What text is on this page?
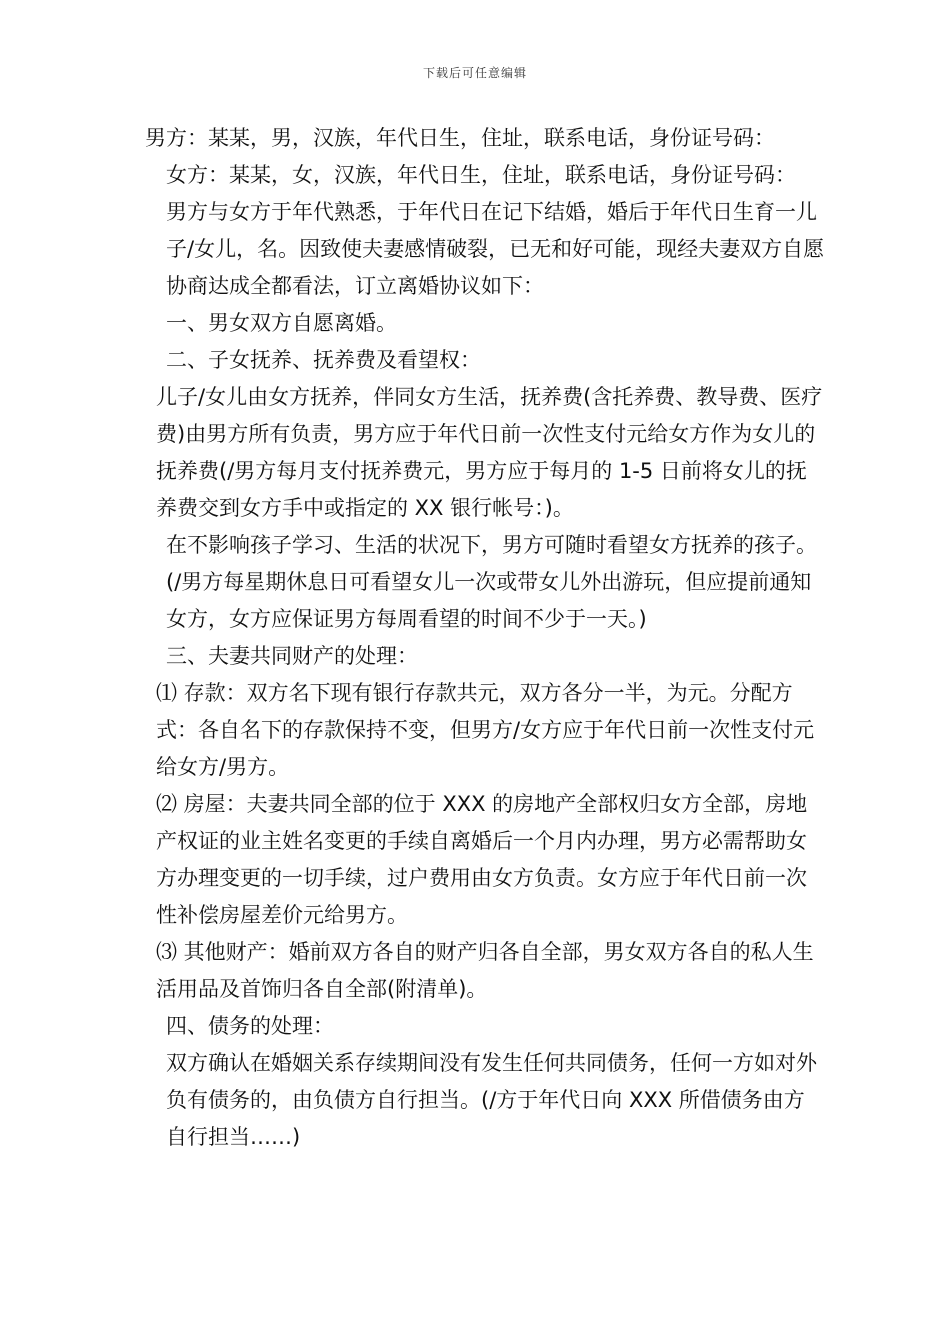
下载后可任意编辑

男方：某某，男，汉族，年代日生，住址，联系电话，身份证号码：

女方：某某，女，汉族，年代日生，住址，联系电话，身份证号码：

男方与女方于年代熟悉，于年代日在记下结婚，婚后于年代日生育一儿子/女儿，名。因致使夫妻感情破裂，已无和好可能，现经夫妻双方自愿协商达成全都看法，订立离婚协议如下：

一、男女双方自愿离婚。

二、子女抚养、抚养费及看望权：

儿子/女儿由女方抚养，伴同女方生活，抚养费(含托养费、教导费、医疗费)由男方所有负责，男方应于年代日前一次性支付元给女方作为女儿的抚养费(/男方每月支付抚养费元，男方应于每月的 1-5 日前将女儿的抚养费交到女方手中或指定的 XX 银行帐号：)。

在不影响孩子学习、生活的状况下，男方可随时看望女方抚养的孩子。(/男方每星期休息日可看望女儿一次或带女儿外出游玩，但应提前通知女方，女方应保证男方每周看望的时间不少于一天。)

三、夫妻共同财产的处理：

⑴ 存款：双方名下现有银行存款共元，双方各分一半，为元。分配方式：各自名下的存款保持不变，但男方/女方应于年代日前一次性支付元给女方/男方。

⑵ 房屋：夫妻共同全部的位于 XXX 的房地产全部权归女方全部，房地产权证的业主姓名变更的手续自离婚后一个月内办理，男方必需帮助女方办理变更的一切手续，过户费用由女方负责。女方应于年代日前一次性补偿房屋差价元给男方。

⑶ 其他财产：婚前双方各自的财产归各自全部，男女双方各自的私人生活用品及首饰归各自全部(附清单)。

四、债务的处理：

双方确认在婚姻关系存续期间没有发生任何共同债务，任何一方如对外负有债务的，由负债方自行担当。(/方于年代日向 XXX 所借债务由方自行担当……)
